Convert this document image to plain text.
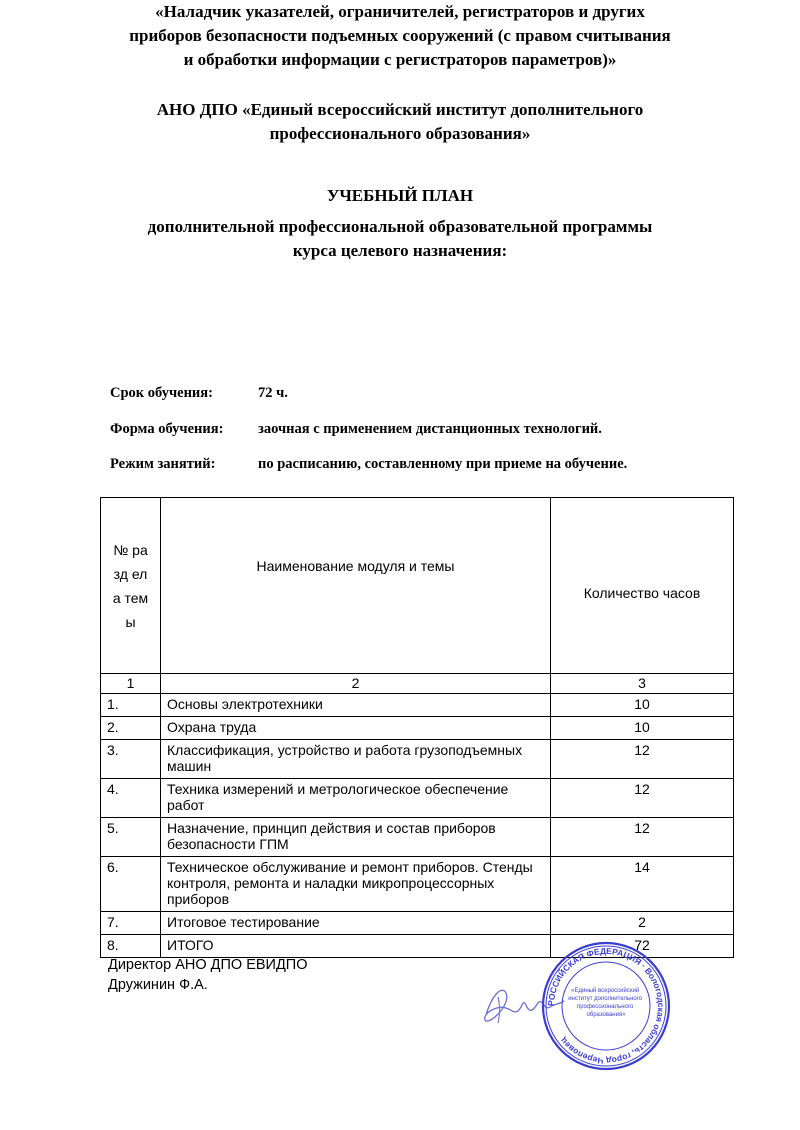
АНО ДПО «Единый всероссийский институт дополнительного
профессионального образования»
УЧЕБНЫЙ ПЛАН
дополнительной профессиональной образовательной программы
курса целевого назначения:
«Наладчик указателей, ограничителей, регистраторов и других
приборов безопасности подъемных сооружений (с правом считывания
и обработки информации с регистраторов параметров)»
Срок обучения:	72 ч.
Форма обучения: заочная с применением дистанционных технологий.
Режим занятий:	по расписанию, составленному при приеме на обучение.
№ разд ела темы	Наименование модуля и темы	Количество часов
1	2	3
1.	Основы электротехники	10
2.	Охрана труда	10
3.	Классификация, устройство и работа грузоподъемных машин	12
4.	Техника измерений и метрологическое обеспечение работ	12
5.	Назначение, принцип действия и состав приборов безопасности ГПМ	12
6.	Техническое обслуживание и ремонт приборов. Стенды контроля, ремонта и наладки микропроцессорных приборов	14
7.	Итоговое тестирование	2
8.	ИТОГО	72
Директор АНО ДПО ЕВИДПО
Дружинин Ф.А.
РОССИЙСКАЯ ФЕДЕРАЦИЯ · Вологодская область, город Череповец
«Единый всероссийский институт дополнительного профессионального образования»
